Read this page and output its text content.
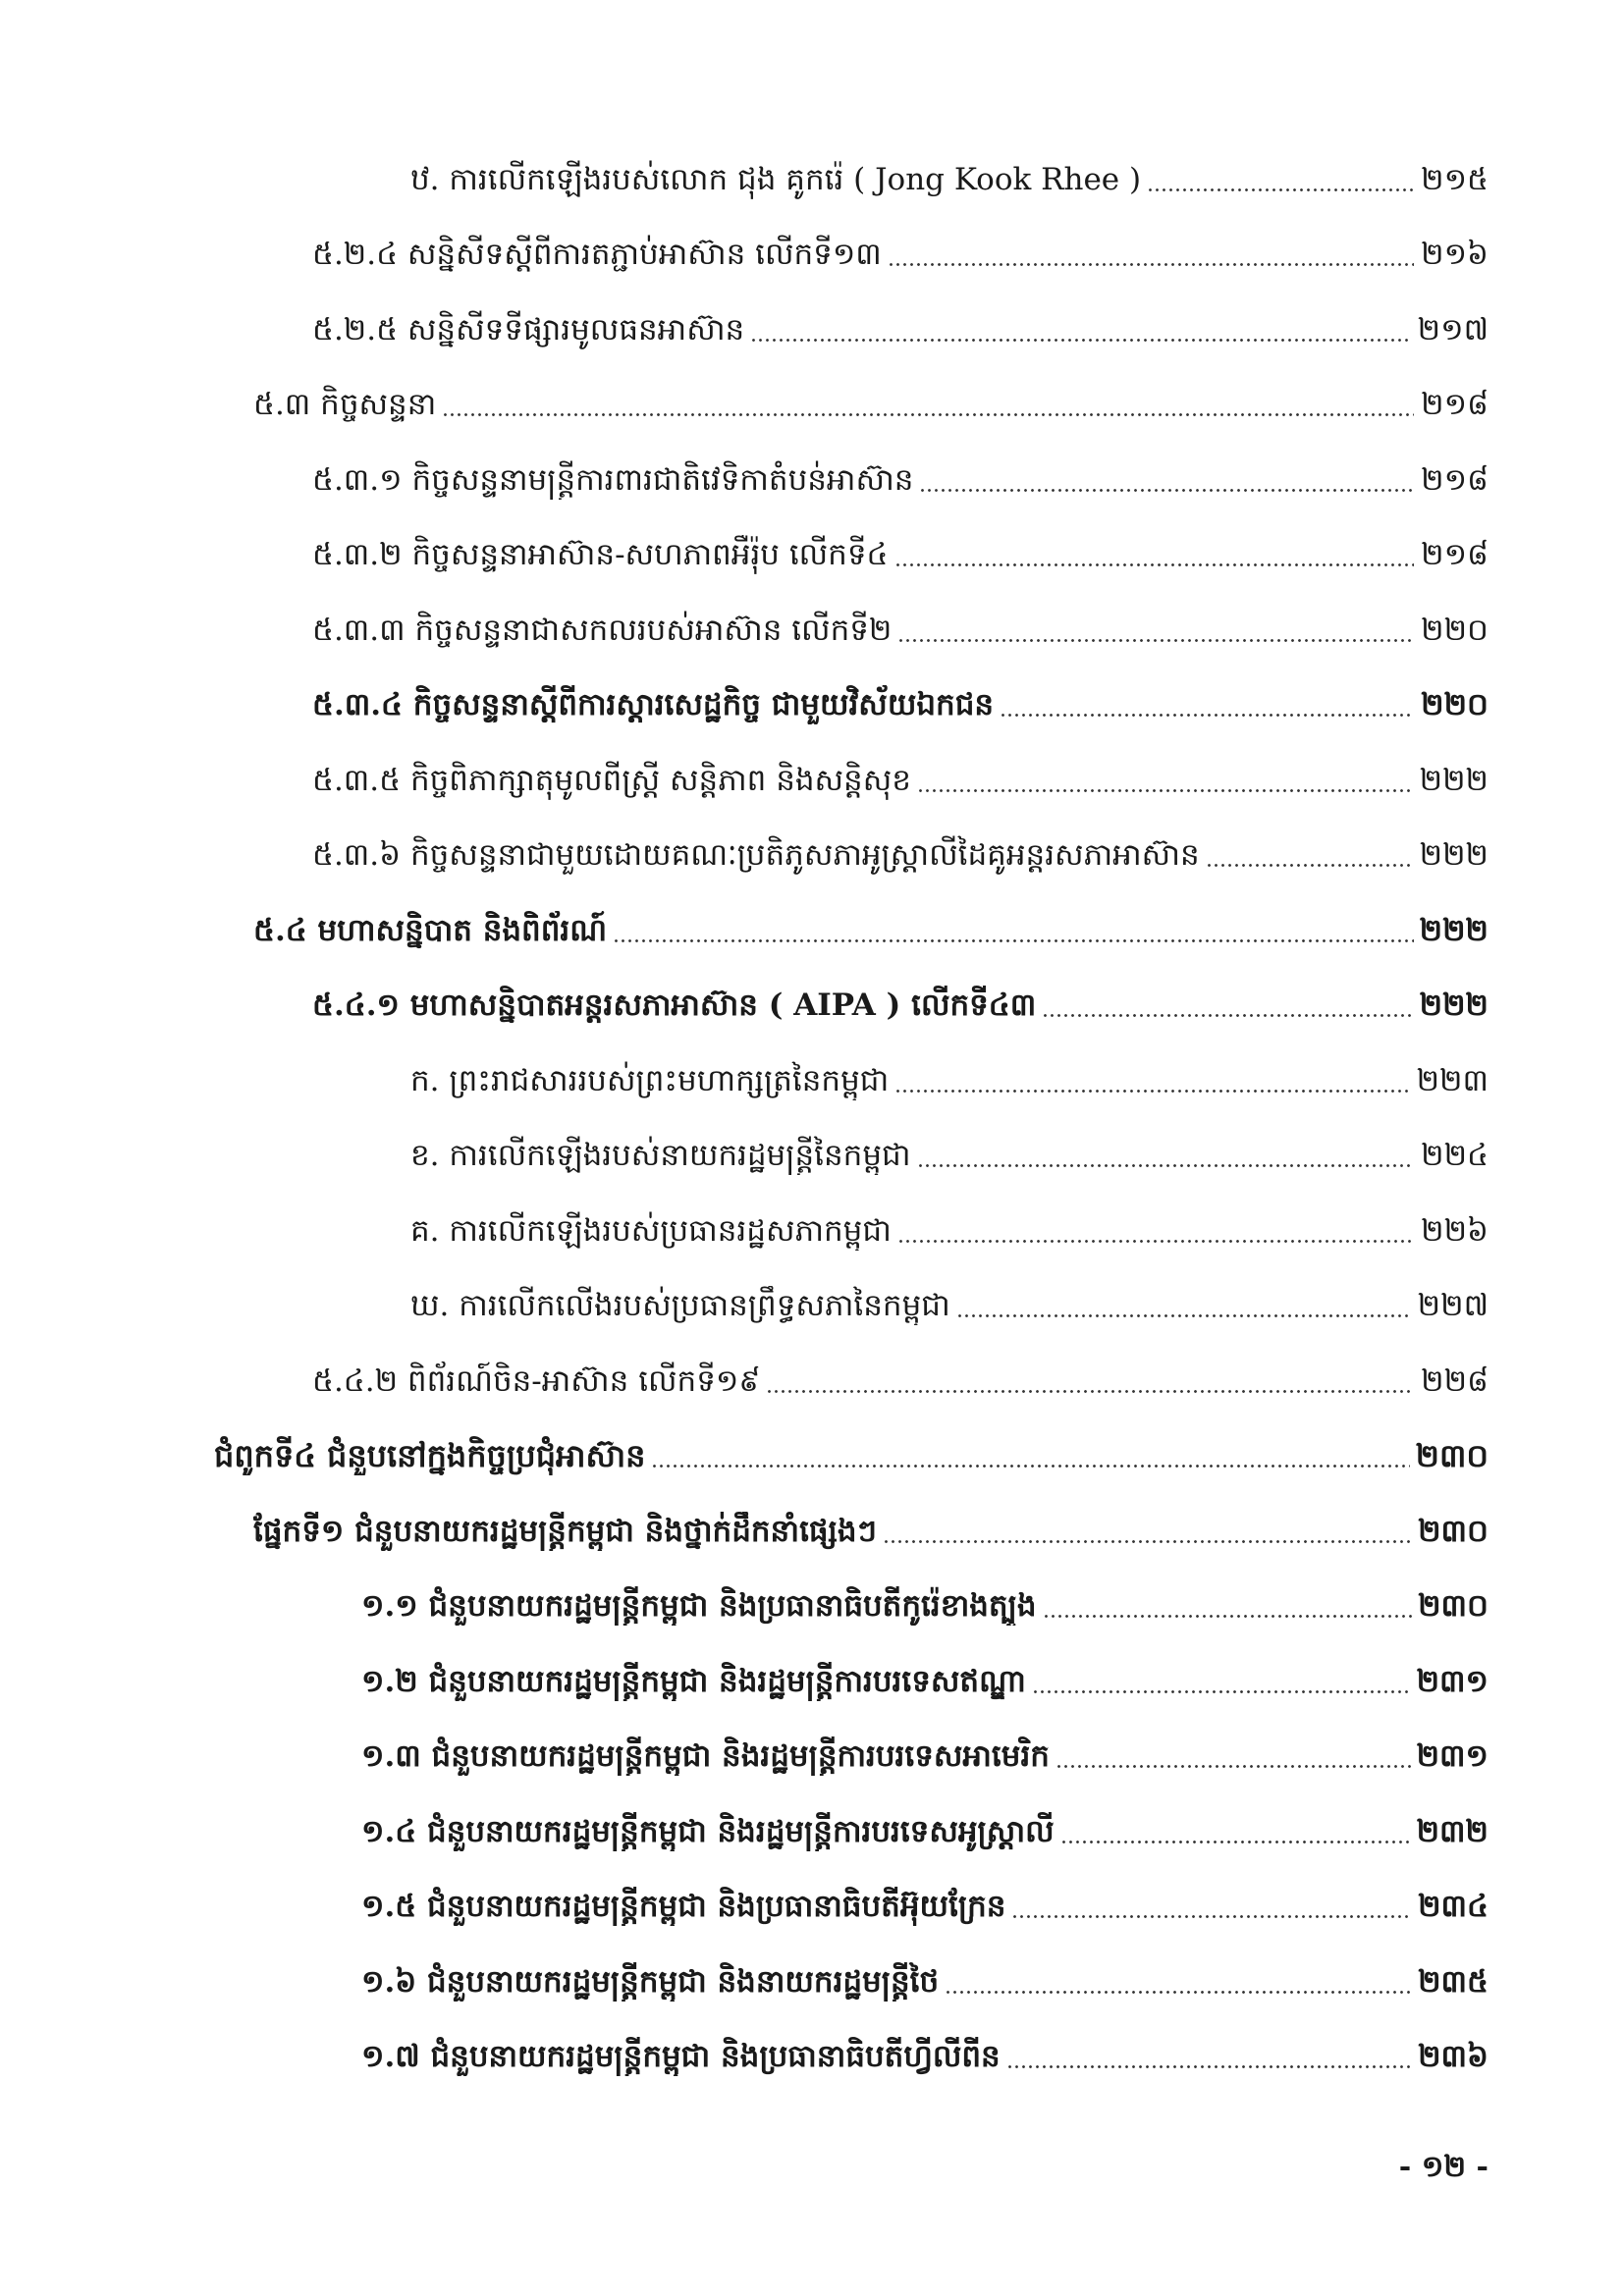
ឋ. ការលើកឡើងរបស់លោក ជុង គូករ៉េ ( Jong Kook Rhee )	២១៥
៥.២.៤ សន្និសីទស្តីពីការតភ្ជាប់អាស៊ាន លើកទី១៣	២១៦
៥.២.៥ សន្និសីទទីផ្សារមូលធនអាស៊ាន	២១៧
៥.៣ កិច្ចសន្ទនា	២១៨
៥.៣.១ កិច្ចសន្ទនាមន្ត្រីការពារជាតិវេទិកាតំបន់អាស៊ាន	២១៨
៥.៣.២ កិច្ចសន្ទនាអាស៊ាន-សហភាពអឺរ៉ុប លើកទី៤	២១៨
៥.៣.៣ កិច្ចសន្ទនាជាសកលរបស់អាស៊ាន លើកទី២	២២០
៥.៣.៤ កិច្ចសន្ទនាស្តីពីការស្តារសេដ្ឋកិច្ច ជាមួយវិស័យឯកជន	២២០
៥.៣.៥ កិច្ចពិភាក្សាតុមូលពីស្ត្រី សន្តិភាព និងសន្តិសុខ	២២២
៥.៣.៦ កិច្ចសន្ទនាជាមួយដោយគណៈប្រតិភូសភាអូស្ត្រាលីដៃគូអន្តរសភាអាស៊ាន	២២២
៥.៤ មហាសន្និបាត និងពិព័រណ៍	២២២
៥.៤.១ មហាសន្និបាតអន្តរសភាអាស៊ាន ( AIPA ) លើកទី៤៣	២២២
ក. ព្រះរាជសាររបស់ព្រះមហាក្សត្រនៃកម្ពុជា	២២៣
ខ. ការលើកឡើងរបស់នាយករដ្ឋមន្ត្រីនៃកម្ពុជា	២២៤
គ. ការលើកឡើងរបស់ប្រធានរដ្ឋសភាកម្ពុជា	២២៦
ឃ. ការលើកលើងរបស់ប្រធានព្រឹទ្ធសភានៃកម្ពុជា	២២៧
៥.៤.២ ពិព័រណ៍ចិន-អាស៊ាន លើកទី១៩	២២៨
ជំពូកទី៤ ជំនួបនៅក្នុងកិច្ចប្រជុំអាស៊ាន	២៣០
ផ្នែកទី១ ជំនួបនាយករដ្ឋមន្ត្រីកម្ពុជា និងថ្នាក់ដឹកនាំផ្សេងៗ	២៣០
១.១ ជំនួបនាយករដ្ឋមន្ត្រីកម្ពុជា និងប្រធានាធិបតីកូរ៉េខាងត្បូង	២៣០
១.២ ជំនួបនាយករដ្ឋមន្ត្រីកម្ពុជា និងរដ្ឋមន្ត្រីការបរទេសឥណ្ឌា	២៣១
១.៣ ជំនួបនាយករដ្ឋមន្ត្រីកម្ពុជា និងរដ្ឋមន្ត្រីការបរទេសអាមេរិក	២៣១
១.៤ ជំនួបនាយករដ្ឋមន្ត្រីកម្ពុជា និងរដ្ឋមន្ត្រីការបរទេសអូស្ត្រាលី	២៣២
១.៥ ជំនួបនាយករដ្ឋមន្ត្រីកម្ពុជា និងប្រធានាធិបតីអ៊ុយក្រែន	២៣៤
១.៦ ជំនួបនាយករដ្ឋមន្ត្រីកម្ពុជា និងនាយករដ្ឋមន្ត្រីថៃ	២៣៥
១.៧ ជំនួបនាយករដ្ឋមន្ត្រីកម្ពុជា និងប្រធានាធិបតីហ្វីលីពីន	២៣៦
- ១២ -
